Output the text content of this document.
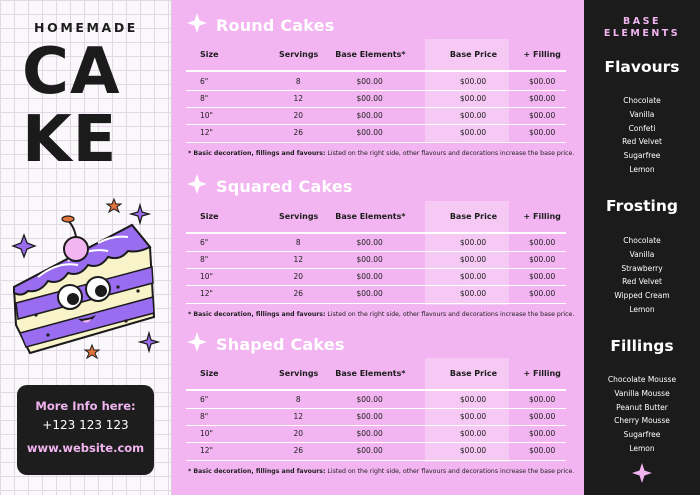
HOMEMADE
CA
KE
More Info here:
+123 123 123
www.website.com
Round Cakes
Size	Servings	Base Elements*	Base Price	+ Filling
6"	8	$00.00	$00.00	$00.00
8"	12	$00.00	$00.00	$00.00
10"	20	$00.00	$00.00	$00.00
12"	26	$00.00	$00.00	$00.00
* Basic decoration, fillings and favours: Listed on the right side, other flavours and decorations increase the base price.
Squared Cakes
Size	Servings	Base Elements*	Base Price	+ Filling
6"	8	$00.00	$00.00	$00.00
8"	12	$00.00	$00.00	$00.00
10"	20	$00.00	$00.00	$00.00
12"	26	$00.00	$00.00	$00.00
* Basic decoration, fillings and favours: Listed on the right side, other flavours and decorations increase the base price.
Shaped Cakes
Size	Servings	Base Elements*	Base Price	+ Filling
6"	8	$00.00	$00.00	$00.00
8"	12	$00.00	$00.00	$00.00
10"	20	$00.00	$00.00	$00.00
12"	26	$00.00	$00.00	$00.00
* Basic decoration, fillings and favours: Listed on the right side, other flavours and decorations increase the base price.
BASE
ELEMENTS
Flavours
Chocolate
Vanilla
Confeti
Red Velvet
Sugarfree
Lemon
Frosting
Chocolate
Vanilla
Strawberry
Red Velvet
Wipped Cream
Lemon
Fillings
Chocolate Mousse
Vanilla Mousse
Peanut Butter
Cherry Mousse
Sugarfree
Lemon
